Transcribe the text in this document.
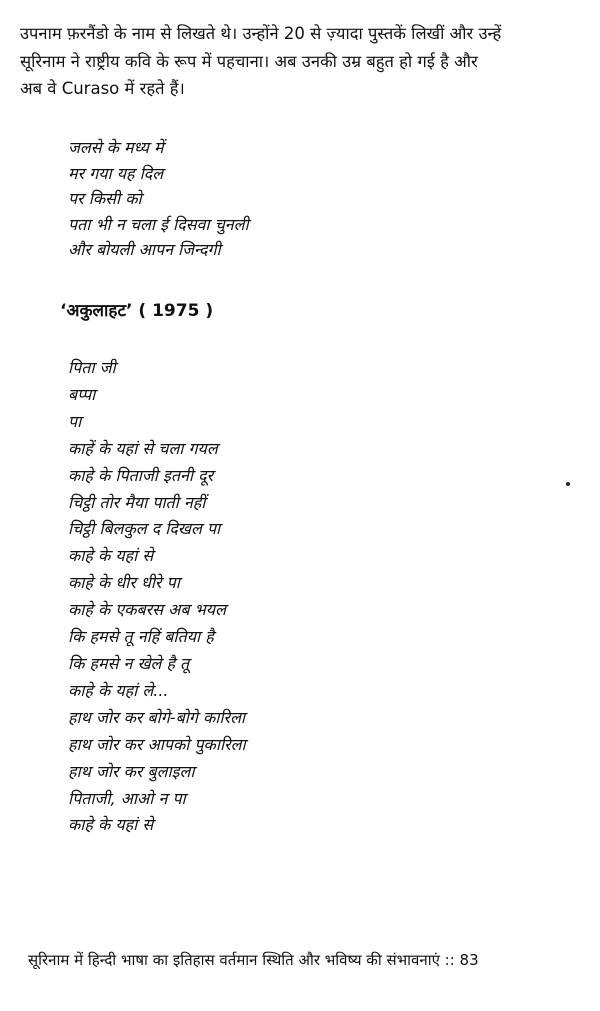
उपनाम फ़रनैंडो के नाम से लिखते थे। उन्होंने 20 से ज़्यादा पुस्तकें लिखीं और उन्हें
सूरिनाम ने राष्ट्रीय कवि के रूप में पहचाना। अब उनकी उम्र बहुत हो गई है और
अब वे Curaso में रहते हैं।
जलसे के मध्य में
मर गया यह दिल
पर किसी को
पता भी न चला ई दिसवा चुनली
और बोयली आपन जिन्दगी
‘अकुलाहट’ ( 1975 )
पिता जी
बप्पा
पा
काहें के यहां से चला गयल
काहे के पिताजी इतनी दूर
चिट्ठी तोर मैया पाती नहीं
चिट्ठी बिलकुल द दिखल पा
काहे के यहां से
काहे के धीर धीरे पा
काहे के एकबरस अब भयल
कि हमसे तू नहिं बतिया है
कि हमसे न खेले है तू
काहे के यहां ले...
हाथ जोर कर बोगे-बोगे कारिला
हाथ जोर कर आपको पुकारिला
हाथ जोर कर बुलाइला
पिताजी, आओ न पा
काहे के यहां से
सूरिनाम में हिन्दी भाषा का इतिहास वर्तमान स्थिति और भविष्य की संभावनाएं :: 83
